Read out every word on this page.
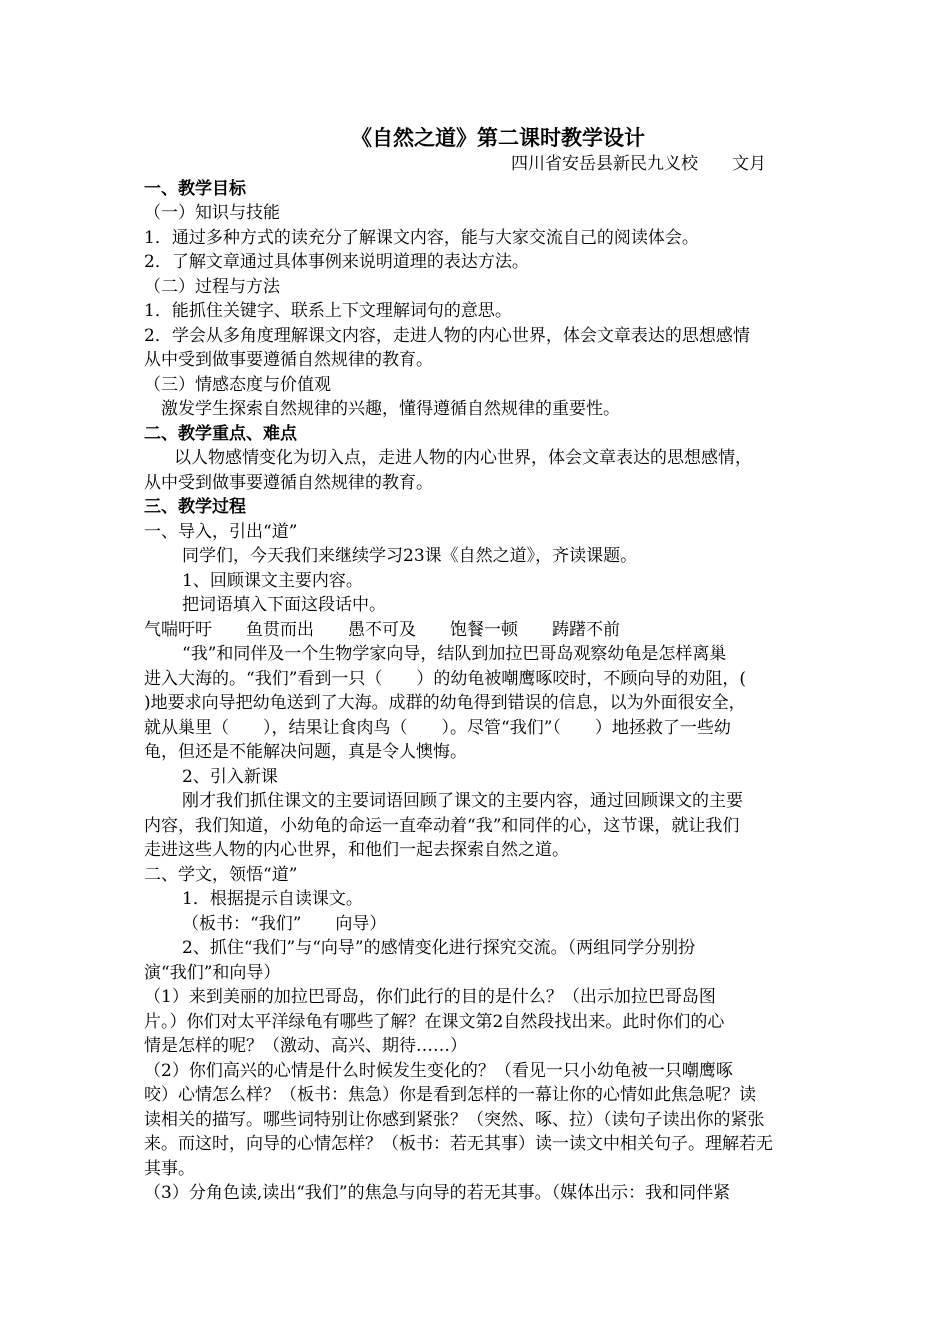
《自然之道》第二课时教学设计
四川省安岳县新民九义校　　文月
一、教学目标
（一）知识与技能
1．通过多种方式的读充分了解课文内容，能与大家交流自己的阅读体会。
2．了解文章通过具体事例来说明道理的表达方法。
（二）过程与方法
1．能抓住关键字、联系上下文理解词句的意思。
2．学会从多角度理解课文内容，走进人物的内心世界，体会文章表达的思想感情
从中受到做事要遵循自然规律的教育。
（三）情感态度与价值观
激发学生探索自然规律的兴趣，懂得遵循自然规律的重要性。
二、教学重点、难点
以人物感情变化为切入点，走进人物的内心世界，体会文章表达的思想感情，
从中受到做事要遵循自然规律的教育。
三、教学过程
一、导入，引出“道”
同学们，今天我们来继续学习23课《自然之道》，齐读课题。
1、回顾课文主要内容。
把词语填入下面这段话中。
气喘吁吁　　鱼贯而出　　愚不可及　　饱餐一顿　　踌躇不前
“我”和同伴及一个生物学家向导，结队到加拉巴哥岛观察幼龟是怎样离巢
进入大海的。“我们”看到一只（　　）的幼龟被嘲鹰啄咬时，不顾向导的劝阻，(
)地要求向导把幼龟送到了大海。成群的幼龟得到错误的信息，以为外面很安全，
就从巢里（　　），结果让食肉鸟（　　）。尽管“我们”（　　）地拯救了一些幼
龟，但还是不能解决问题，真是令人懊悔。
2、引入新课
刚才我们抓住课文的主要词语回顾了课文的主要内容，通过回顾课文的主要
内容，我们知道，小幼龟的命运一直牵动着“我”和同伴的心，这节课，就让我们
走进这些人物的内心世界，和他们一起去探索自然之道。
二、学文，领悟“道”
1．根据提示自读课文。
（板书：“我们”　　向导）
2、抓住“我们”与“向导”的感情变化进行探究交流。（两组同学分别扮
演“我们”和向导）
（1）来到美丽的加拉巴哥岛，你们此行的目的是什么？（出示加拉巴哥岛图
片。）你们对太平洋绿龟有哪些了解？在课文第2自然段找出来。此时你们的心
情是怎样的呢？（激动、高兴、期待……）
（2）你们高兴的心情是什么时候发生变化的？（看见一只小幼龟被一只嘲鹰啄
咬）心情怎么样？（板书：焦急）你是看到怎样的一幕让你的心情如此焦急呢？读
读相关的描写。哪些词特别让你感到紧张？（突然、啄、拉）（读句子读出你的紧张
来。而这时，向导的心情怎样？（板书：若无其事）读一读文中相关句子。理解若无
其事。
（3）分角色读,读出“我们”的焦急与向导的若无其事。（媒体出示：我和同伴紧
